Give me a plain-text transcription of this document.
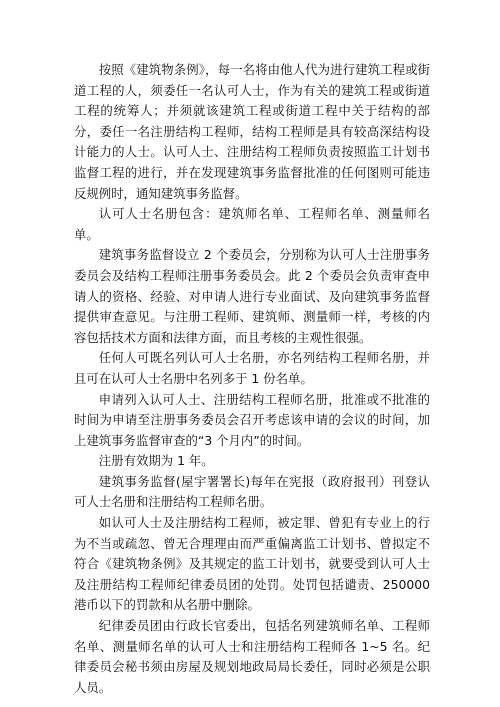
按照《建筑物条例》，每一名将由他人代为进行建筑工程或街道工程的人，须委任一名认可人士，作为有关的建筑工程或街道工程的统筹人；并须就该建筑工程或街道工程中关于结构的部分，委任一名注册结构工程师，结构工程师是具有较高深结构设计能力的人士。认可人士、注册结构工程师负责按照监工计划书监督工程的进行，并在发现建筑事务监督批准的任何图则可能违反规例时，通知建筑事务监督。

认可人士名册包含：建筑师名单、工程师名单、测量师名单。

建筑事务监督设立 2 个委员会，分别称为认可人士注册事务委员会及结构工程师注册事务委员会。此 2 个委员会负责审查申请人的资格、经验、对申请人进行专业面试、及向建筑事务监督提供审查意见。与注册工程师、建筑师、测量师一样，考核的内容包括技术方面和法律方面，而且考核的主观性很强。

任何人可既名列认可人士名册，亦名列结构工程师名册，并且可在认可人士名册中名列多于 1 份名单。

申请列入认可人士、注册结构工程师名册，批准或不批准的时间为申请至注册事务委员会召开考虑该申请的会议的时间，加上建筑事务监督审查的“3 个月内”的时间。

注册有效期为 1 年。

建筑事务监督(屋宇署署长)每年在宪报（政府报刊）刊登认可人士名册和注册结构工程师名册。

如认可人士及注册结构工程师，被定罪、曾犯有专业上的行为不当或疏忽、曾无合理理由而严重偏离监工计划书、曾拟定不符合《建筑物条例》及其规定的监工计划书，就要受到认可人士及注册结构工程师纪律委员团的处罚。处罚包括谴责、250000 港币以下的罚款和从名册中删除。

纪律委员团由行政长官委出，包括名列建筑师名单、工程师名单、测量师名单的认可人士和注册结构工程师各 1~5 名。纪律委员会秘书须由房屋及规划地政局局长委任，同时必须是公职人员。
